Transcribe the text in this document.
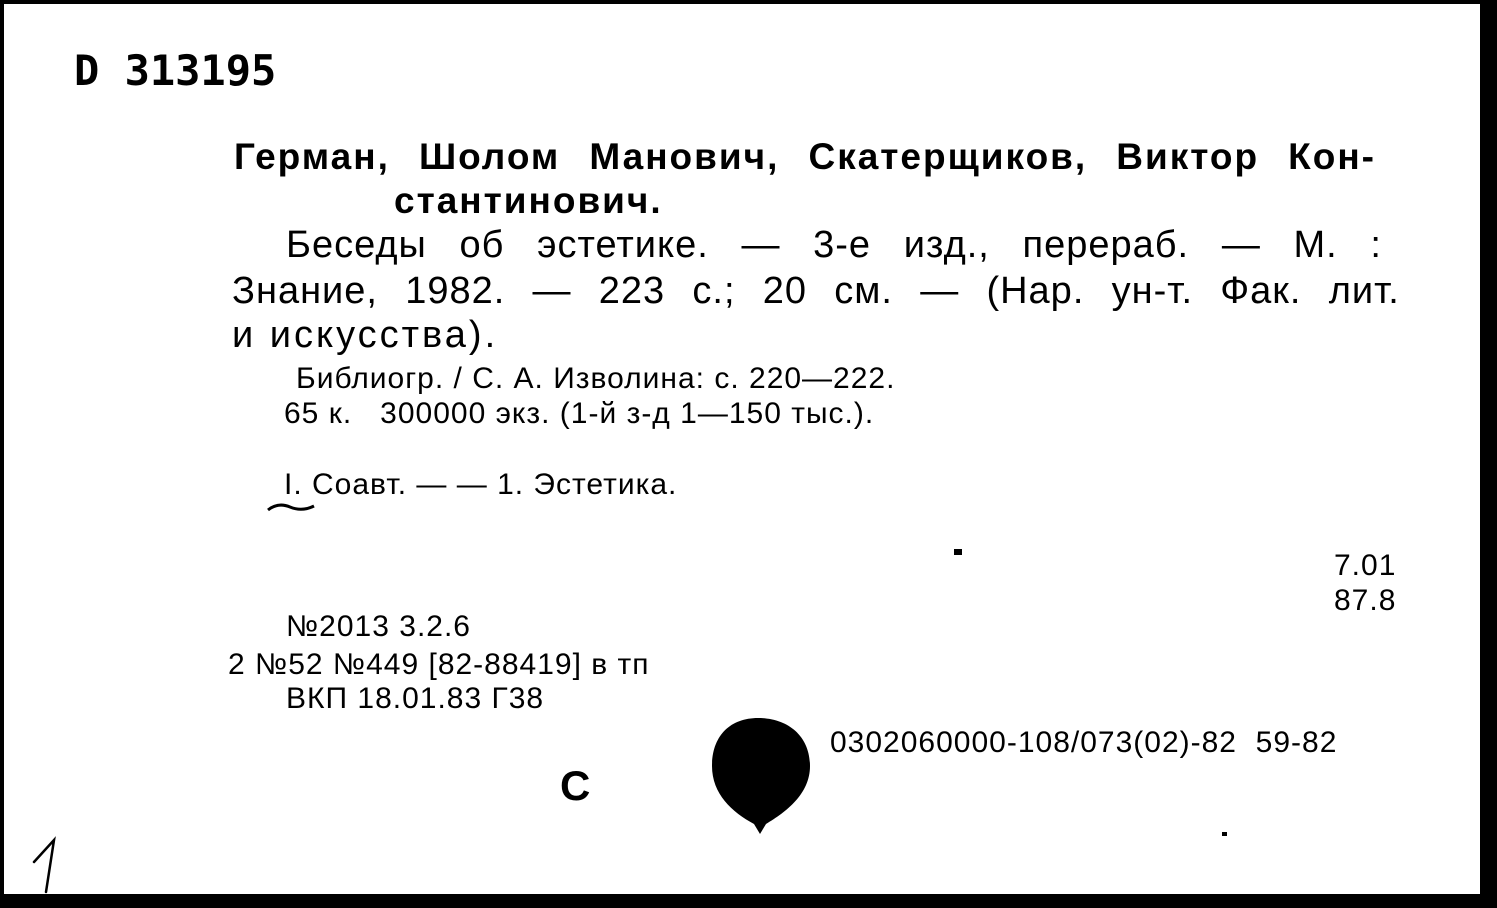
D 313195
Герман, Шолом Манович, Скатерщиков, Виктор Кон-
стантинович.
Беседы об эстетике. — 3-е изд., перераб. — М. :
Знание, 1982. — 223 с.; 20 см. — (Нар. ун-т. Фак. лит.
и искусства).
Библиогр. / С. А. Изволина: с. 220—222.
65 к.   300000 экз. (1-й з-д 1—150 тыс.).
I. Соавт. — — 1. Эстетика.
7.01
87.8
№2013 3.2.6
2 №52 №449 [82-88419] в тп
ВКП 18.01.83 Г38
0302060000-108/073(02)-82  59-82
С
